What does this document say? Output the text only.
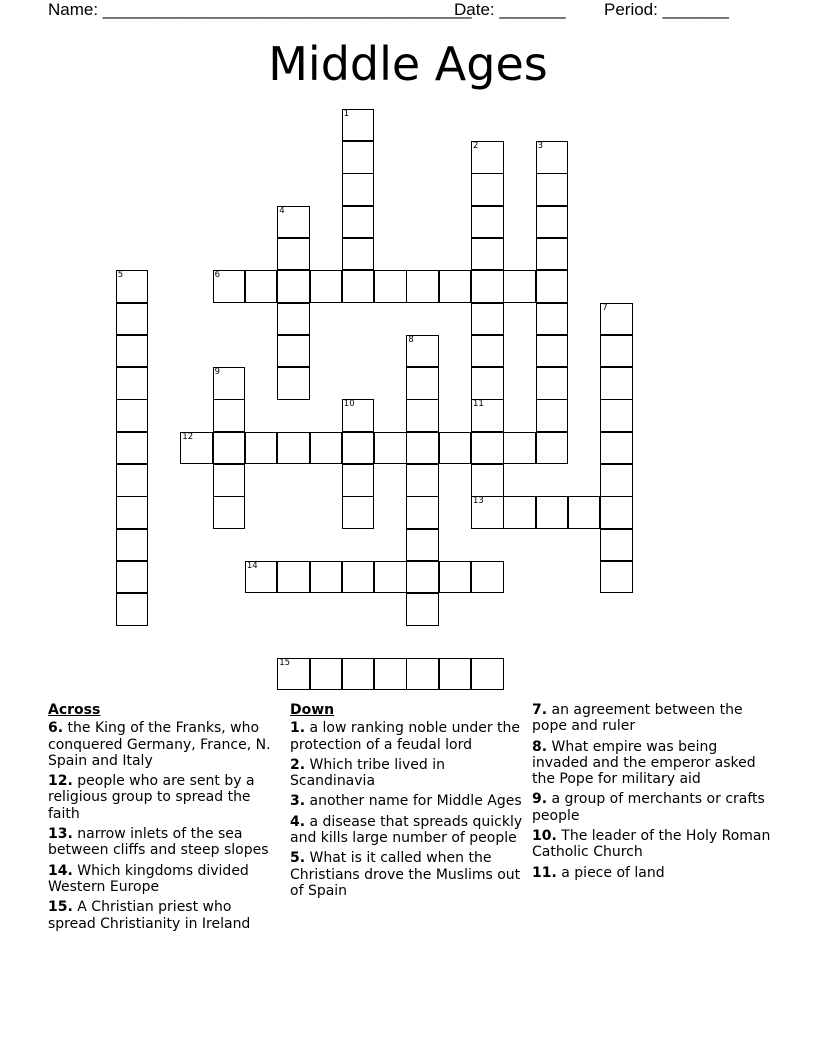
Name: _______________________________________
Date: _______ Period: _______
Middle Ages
1
2	3
4
5
7
8
9
10	11
6
12
13
14
15
Across
6. the King of the Franks, who conquered Germany, France, N. Spain and Italy
12. people who are sent by a religious group to spread the faith
13. narrow inlets of the sea between cliffs and steep slopes
14. Which kingdoms divided Western Europe
15. A Christian priest who spread Christianity in Ireland
Down
1. a low ranking noble under the protection of a feudal lord
2. Which tribe lived in Scandinavia
3. another name for Middle Ages
4. a disease that spreads quickly and kills large number of people
5. What is it called when the Christians drove the Muslims out of Spain
7. an agreement between the pope and ruler
8. What empire was being invaded and the emperor asked the Pope for military aid
9. a group of merchants or crafts people
10. The leader of the Holy Roman Catholic Church
11. a piece of land
